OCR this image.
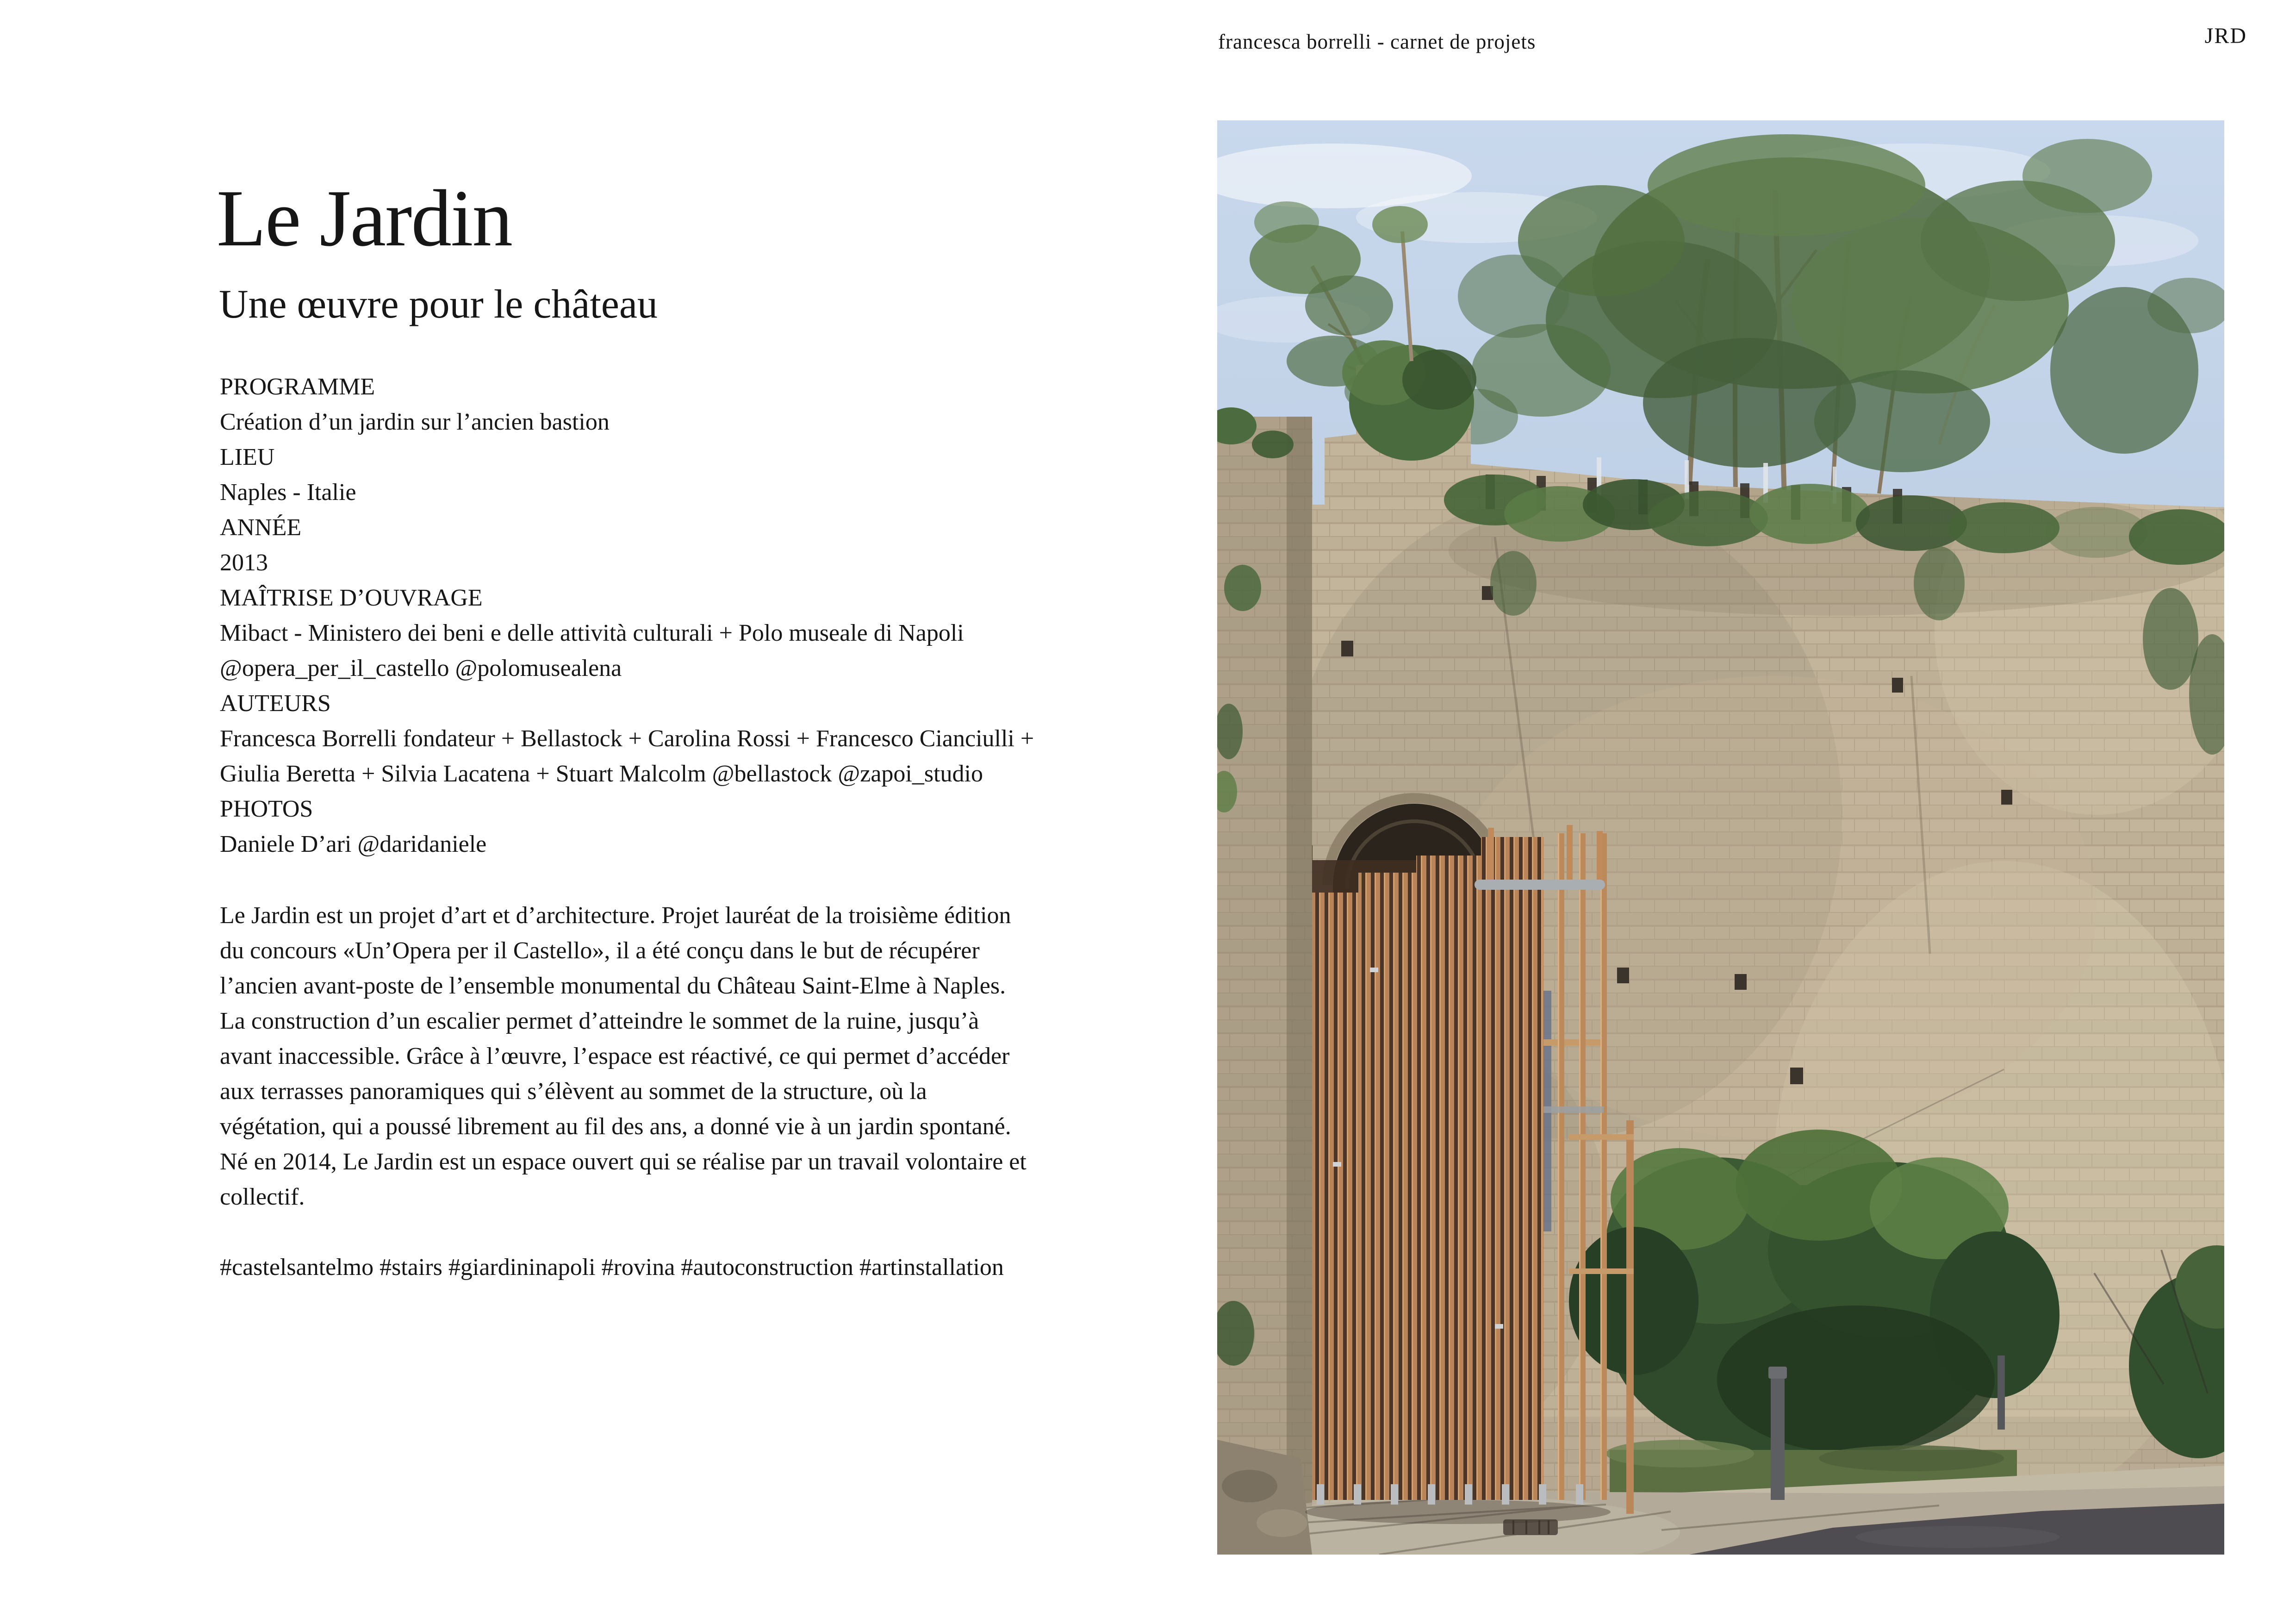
francesca borrelli - carnet de projets	JRD
Le Jardin
Une œuvre pour le château
PROGRAMME
Création d’un jardin sur l’ancien bastion
LIEU
Naples - Italie
ANNÉE
2013
MAÎTRISE D’OUVRAGE
Mibact - Ministero dei beni e delle attività culturali + Polo museale di Napoli @opera_per_il_castello @polomusealena
AUTEURS
Francesca Borrelli fondateur + Bellastock + Carolina Rossi + Francesco Cianciulli + Giulia Beretta + Silvia Lacatena + Stuart Malcolm @bellastock @zapoi_studio
PHOTOS
Daniele D’ari @daridaniele

Le Jardin est un projet d’art et d’architecture. Projet lauréat de la troisième édition du concours «Un’Opera per il Castello», il a été conçu dans le but de récupérer l’ancien avant-poste de l’ensemble monumental du Château Saint-Elme à Naples. La construction d’un escalier permet d’atteindre le sommet de la ruine, jusqu’à avant inaccessible. Grâce à l’œuvre, l’espace est réactivé, ce qui permet d’accéder aux terrasses panoramiques qui s’élèvent au sommet de la structure, où la végétation, qui a poussé librement au fil des ans, a donné vie à un jardin spontané. Né en 2014, Le Jardin est un espace ouvert qui se réalise par un travail volontaire et collectif.

#castelsantelmo #stairs #giardininapoli #rovina #autoconstruction #artinstallation
